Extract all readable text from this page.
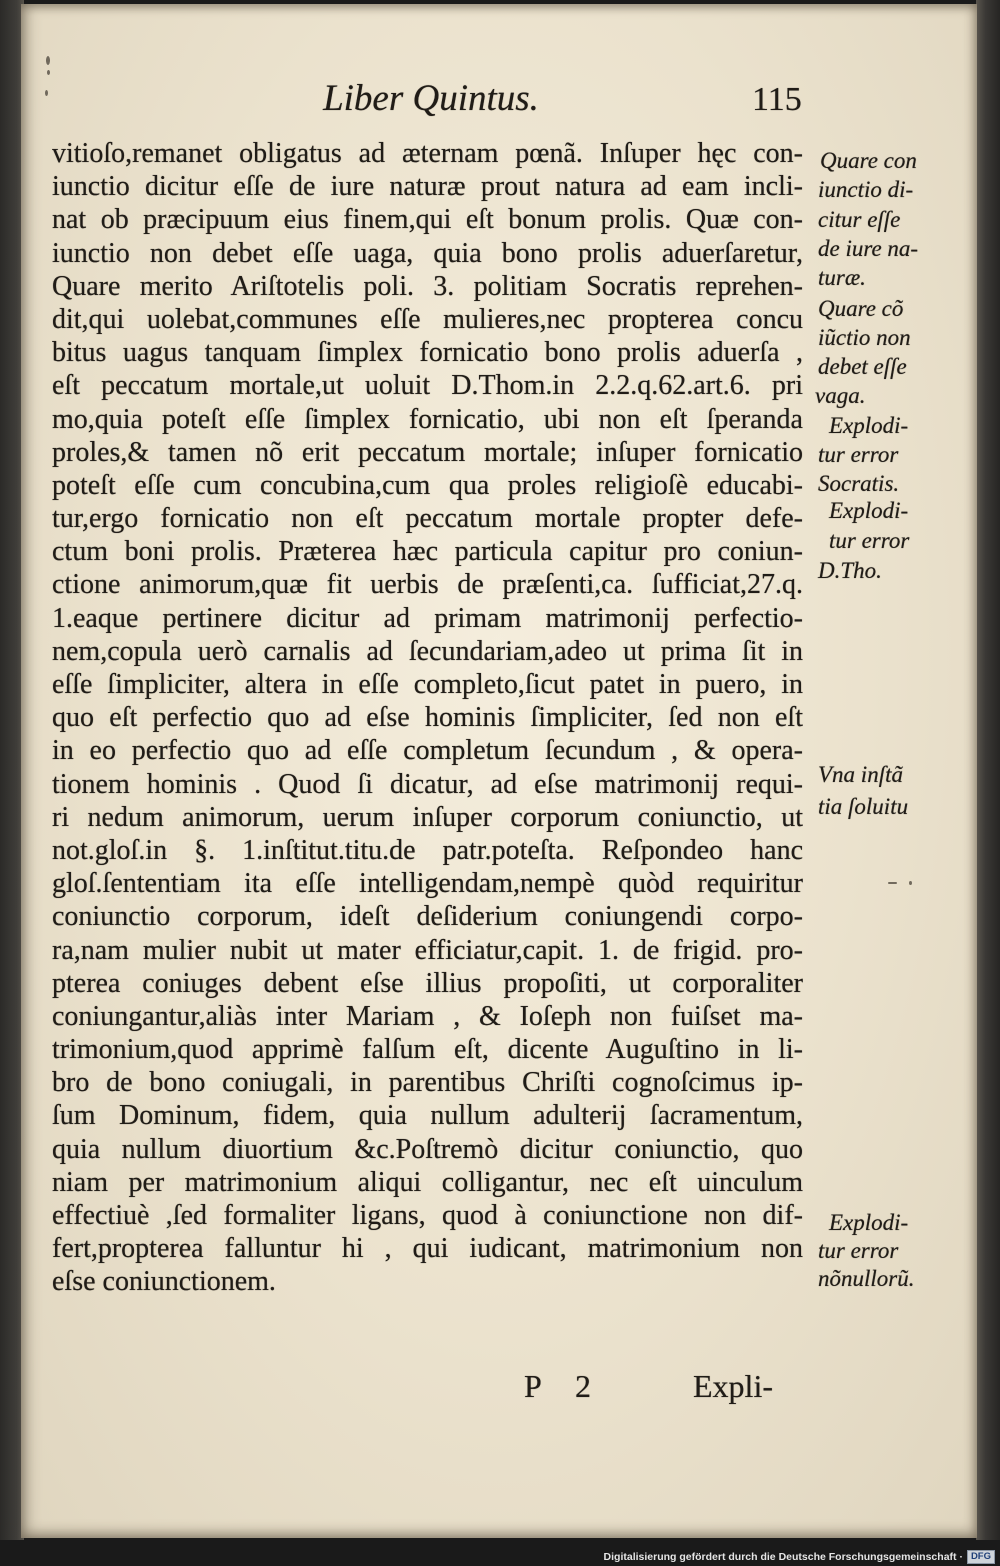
Liber Quintus.	115
vitioſo,remanet obligatus ad æternam pœnã. Inſuper hęc con-
iunctio dicitur eſſe de iure naturæ prout natura ad eam incli-
nat ob præcipuum eius finem,qui eſt bonum prolis. Quæ con-
iunctio non debet eſſe uaga, quia bono prolis aduerſaretur,
Quare merito Ariſtotelis poli. 3. politiam Socratis reprehen-
dit,qui uolebat,communes eſſe mulieres,nec propterea concu
bitus uagus tanquam ſimplex fornicatio bono prolis aduerſa ,
eſt peccatum mortale,ut uoluit D.Thom.in 2.2.q.62.art.6. pri
mo,quia poteſt eſſe ſimplex fornicatio, ubi non eſt ſperanda
proles,& tamen nõ erit peccatum mortale; inſuper fornicatio
poteſt eſſe cum concubina,cum qua proles religioſè educabi-
tur,ergo fornicatio non eſt peccatum mortale propter defe-
ctum boni prolis. Præterea hæc particula capitur pro coniun-
ctione animorum,quæ fit uerbis de præſenti,ca. ſufficiat,27.q.
1.eaque pertinere dicitur ad primam matrimonij perfectio-
nem,copula uerò carnalis ad ſecundariam,adeo ut prima ſit in
eſſe ſimpliciter, altera in eſſe completo,ſicut patet in puero, in
quo eſt perfectio quo ad eſse hominis ſimpliciter, ſed non eſt
in eo perfectio quo ad eſſe completum ſecundum , & opera-
tionem hominis . Quod ſi dicatur, ad eſse matrimonij requi-
ri nedum animorum, uerum inſuper corporum coniunctio, ut
not.gloſ.in §. 1.inſtitut.titu.de patr.poteſta. Reſpondeo hanc
gloſ.ſententiam ita eſſe intelligendam,nempè quòd requiritur
coniunctio corporum, ideſt deſiderium coniungendi corpo-
ra,nam mulier nubit ut mater efficiatur,capit. 1. de frigid. pro-
pterea coniuges debent eſse illius propoſiti, ut corporaliter
coniungantur,aliàs inter Mariam , & Ioſeph non fuiſset ma-
trimonium,quod apprimè falſum eſt, dicente Auguſtino in li-
bro de bono coniugali, in parentibus Chriſti cognoſcimus ip-
ſum Dominum, fidem, quia nullum adulterij ſacramentum,
quia nullum diuortium &c.Poſtremò dicitur coniunctio, quo
niam per matrimonium aliqui colligantur, nec eſt uinculum
effectiuè ,ſed formaliter ligans, quod à coniunctione non dif-
fert,propterea falluntur hi , qui iudicant, matrimonium non
eſse coniunctionem.
Quare con
iunctio di-
citur eſſe
de iure na-
turæ.
Quare cõ
iũctio non
debet eſſe
vaga.
Explodi-
tur error
Socratis.
Explodi-
tur error
D.Tho.
Vna inſtã
tia ſoluitu
Explodi-
tur error
nõnullorũ.
P 2	Expli-
Digitalisierung gefördert durch die Deutsche Forschungsgemeinschaft · DFG
